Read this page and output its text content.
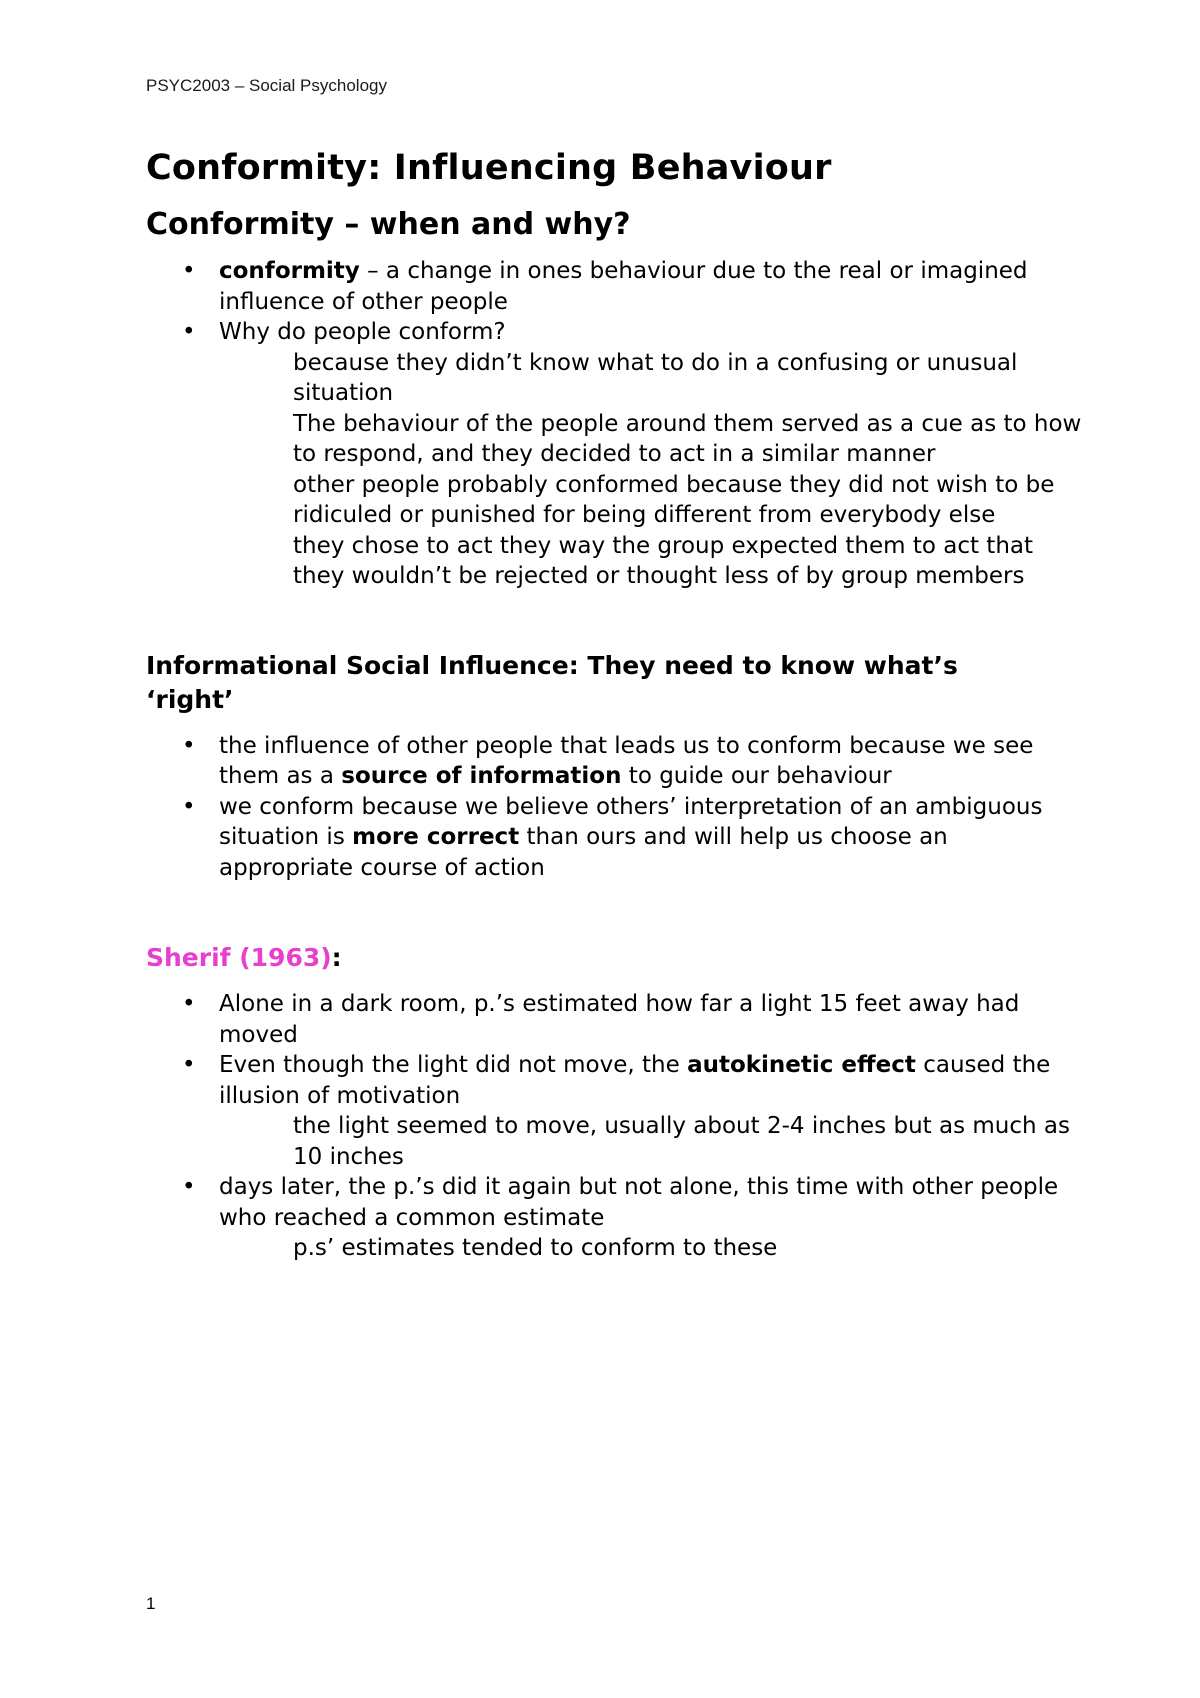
PSYC2003 – Social Psychology
Conformity: Influencing Behaviour
Conformity – when and why?
• conformity – a change in ones behaviour due to the real or imagined influence of other people
• Why do people conform?
because they didn’t know what to do in a confusing or unusual situation
The behaviour of the people around them served as a cue as to how to respond, and they decided to act in a similar manner
other people probably conformed because they did not wish to be ridiculed or punished for being different from everybody else
they chose to act they way the group expected them to act that they wouldn’t be rejected or thought less of by group members
Informational Social Influence: They need to know what’s ‘right’
• the influence of other people that leads us to conform because we see them as a source of information to guide our behaviour
• we conform because we believe others’ interpretation of an ambiguous situation is more correct than ours and will help us choose an appropriate course of action
Sherif (1963):
• Alone in a dark room, p.’s estimated how far a light 15 feet away had moved
• Even though the light did not move, the autokinetic effect caused the illusion of motivation
the light seemed to move, usually about 2-4 inches but as much as 10 inches
• days later, the p.’s did it again but not alone, this time with other people who reached a common estimate
p.s’ estimates tended to conform to these
1
